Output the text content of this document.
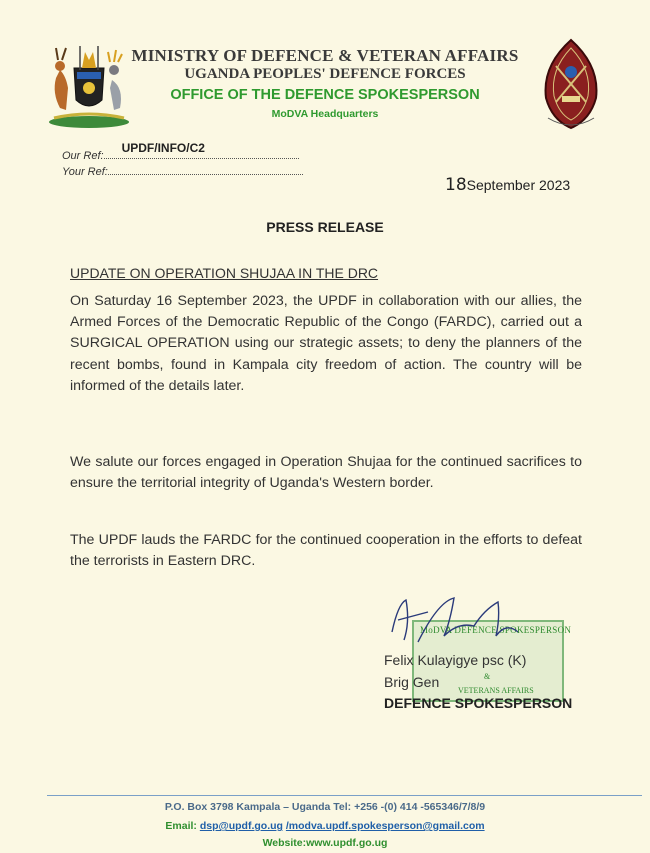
MINISTRY OF DEFENCE & VETERAN AFFAIRS
UGANDA PEOPLES' DEFENCE FORCES
OFFICE OF THE DEFENCE SPOKESPERSON
MoDVA Headquarters
Our Ref:
UPDF/INFO/C2
Your Ref:
18September 2023
PRESS RELEASE
UPDATE ON OPERATION SHUJAA IN THE DRC
On Saturday 16 September 2023, the UPDF in collaboration with our allies, the Armed Forces of the Democratic Republic of the Congo (FARDC), carried out a SURGICAL OPERATION using our strategic assets; to deny the planners of the recent bombs, found in Kampala city freedom of action. The country will be informed of the details later.
We salute our forces engaged in Operation Shujaa for the continued sacrifices to ensure the territorial integrity of Uganda's Western border.
The UPDF lauds the FARDC for the continued cooperation in the efforts to defeat the terrorists in Eastern DRC.
MoDVA DEFENCE SPOKESPERSON
&
VETERANS AFFAIRS
Felix Kulayigye psc (K)
Brig Gen
DEFENCE SPOKESPERSON
P.O. Box 3798 Kampala – Uganda Tel: +256 -(0) 414 -565346/7/8/9
Email: dsp@updf.go.ug /modva.updf.spokesperson@gmail.com
Website:www.updf.go.ug
